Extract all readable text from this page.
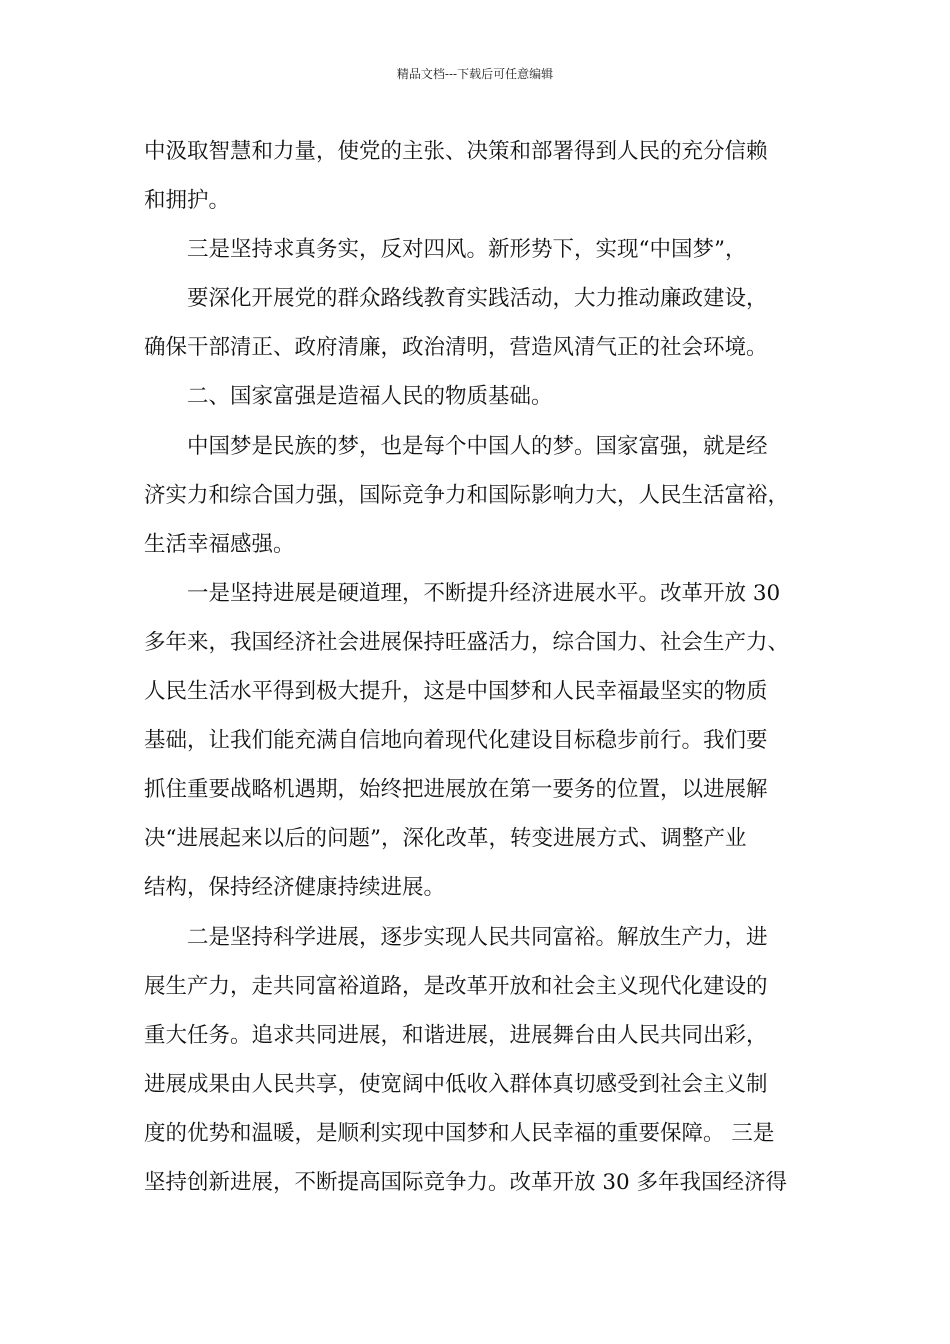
精品文档---下载后可任意编辑
中汲取智慧和力量，使党的主张、决策和部署得到人民的充分信赖
和拥护。
三是坚持求真务实，反对四风。新形势下，实现“中国梦”，
要深化开展党的群众路线教育实践活动，大力推动廉政建设，
确保干部清正、政府清廉，政治清明，营造风清气正的社会环境。
二、国家富强是造福人民的物质基础。
中国梦是民族的梦，也是每个中国人的梦。国家富强，就是经
济实力和综合国力强，国际竞争力和国际影响力大，人民生活富裕，
生活幸福感强。
一是坚持进展是硬道理，不断提升经济进展水平。改革开放 30
多年来，我国经济社会进展保持旺盛活力，综合国力、社会生产力、
人民生活水平得到极大提升，这是中国梦和人民幸福最坚实的物质
基础，让我们能充满自信地向着现代化建设目标稳步前行。我们要
抓住重要战略机遇期，始终把进展放在第一要务的位置，以进展解
决“进展起来以后的问题”，深化改革，转变进展方式、调整产业
结构，保持经济健康持续进展。
二是坚持科学进展，逐步实现人民共同富裕。解放生产力，进
展生产力，走共同富裕道路，是改革开放和社会主义现代化建设的
重大任务。追求共同进展，和谐进展，进展舞台由人民共同出彩，
进展成果由人民共享，使宽阔中低收入群体真切感受到社会主义制
度的优势和温暖，是顺利实现中国梦和人民幸福的重要保障。 三是
坚持创新进展，不断提高国际竞争力。改革开放 30 多年我国经济得
